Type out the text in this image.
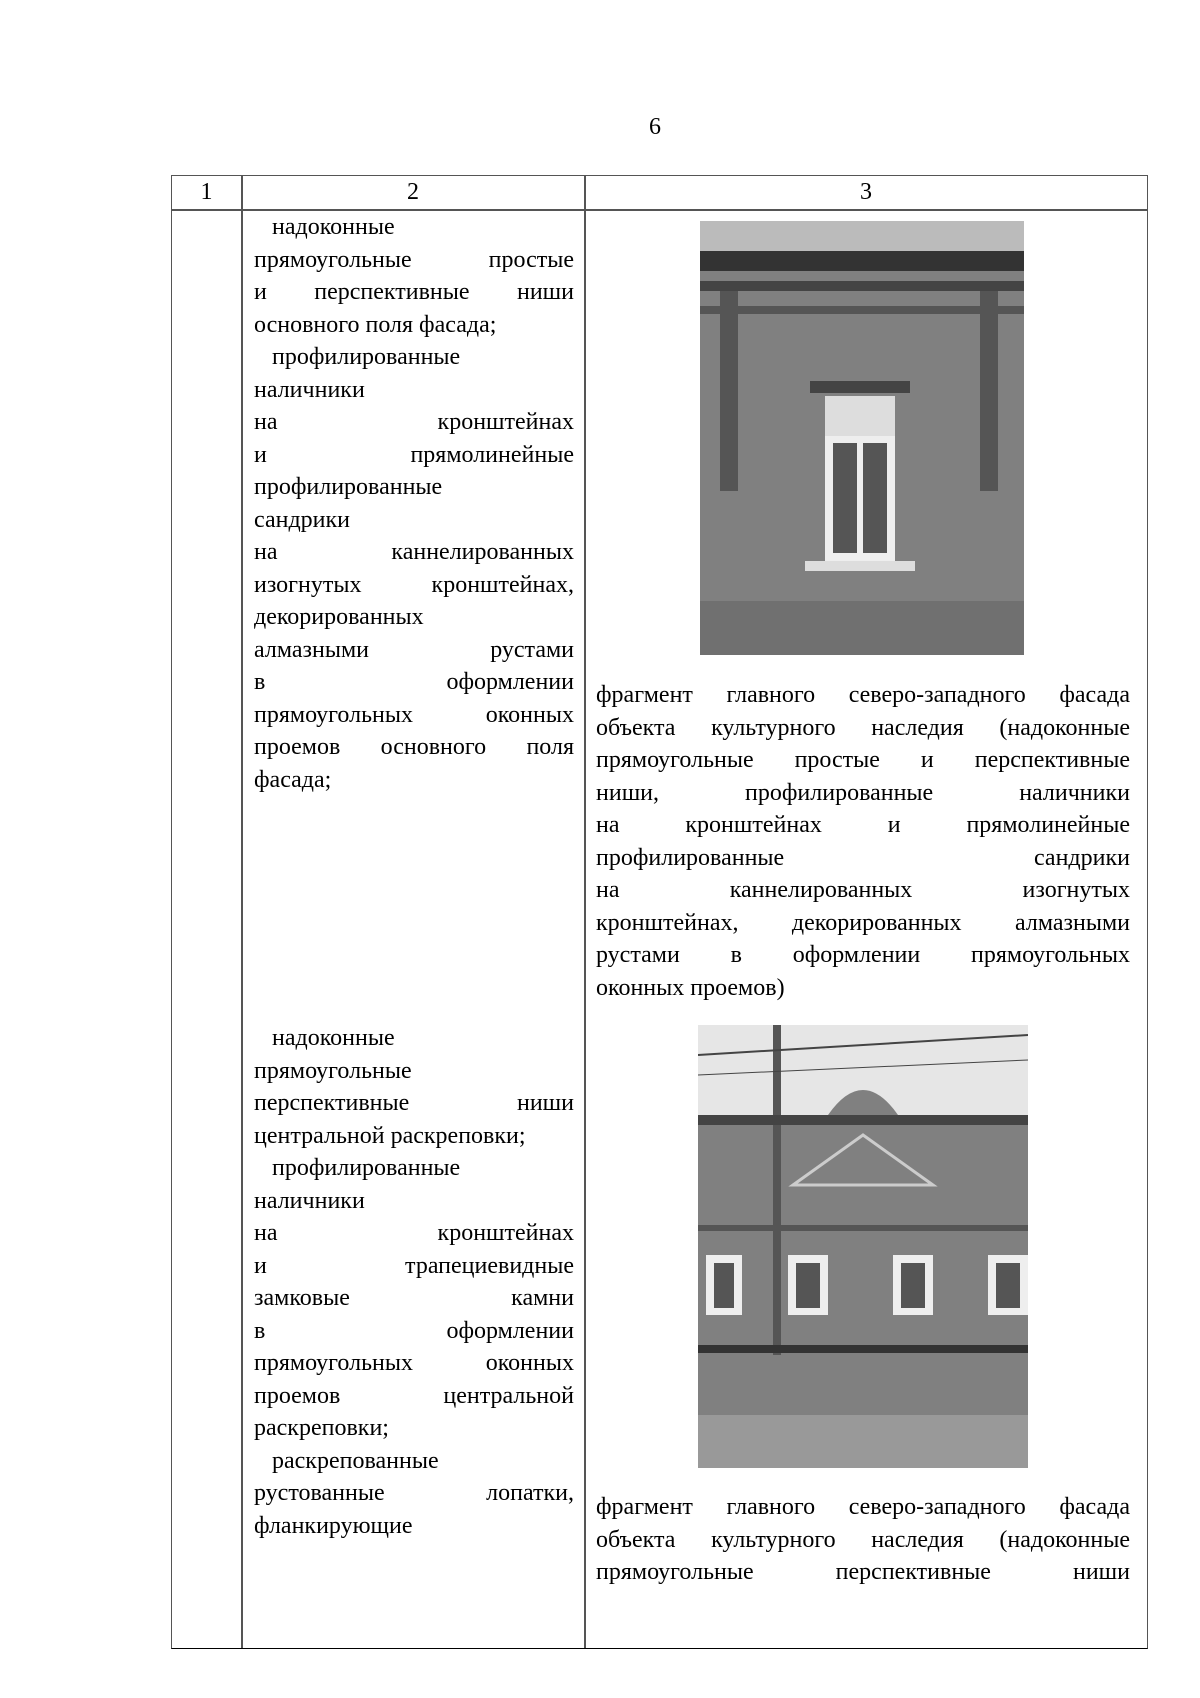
6
1	2	3
надоконные
прямоугольные простые
и перспективные ниши
основного поля фасада;
профилированные
наличники
на кронштейнах
и прямолинейные
профилированные
сандрики
на каннелированных
изогнутых кронштейнах,
декорированных
алмазными рустами
в оформлении
прямоугольных оконных
проемов основного поля
фасада;
надоконные
прямоугольные
перспективные ниши
центральной раскреповки;
профилированные
наличники
на кронштейнах
и трапециевидные
замковые камни
в оформлении
прямоугольных оконных
проемов центральной
раскреповки;
раскрепованные
рустованные лопатки,
фланкирующие
фрагмент главного северо-западного фасада
объекта культурного наследия (надоконные
прямоугольные простые и перспективные
ниши, профилированные наличники
на кронштейнах и прямолинейные
профилированные сандрики
на каннелированных изогнутых
кронштейнах, декорированных алмазными
рустами в оформлении прямоугольных
оконных проемов)
фрагмент главного северо-западного фасада
объекта культурного наследия (надоконные
прямоугольные перспективные ниши
